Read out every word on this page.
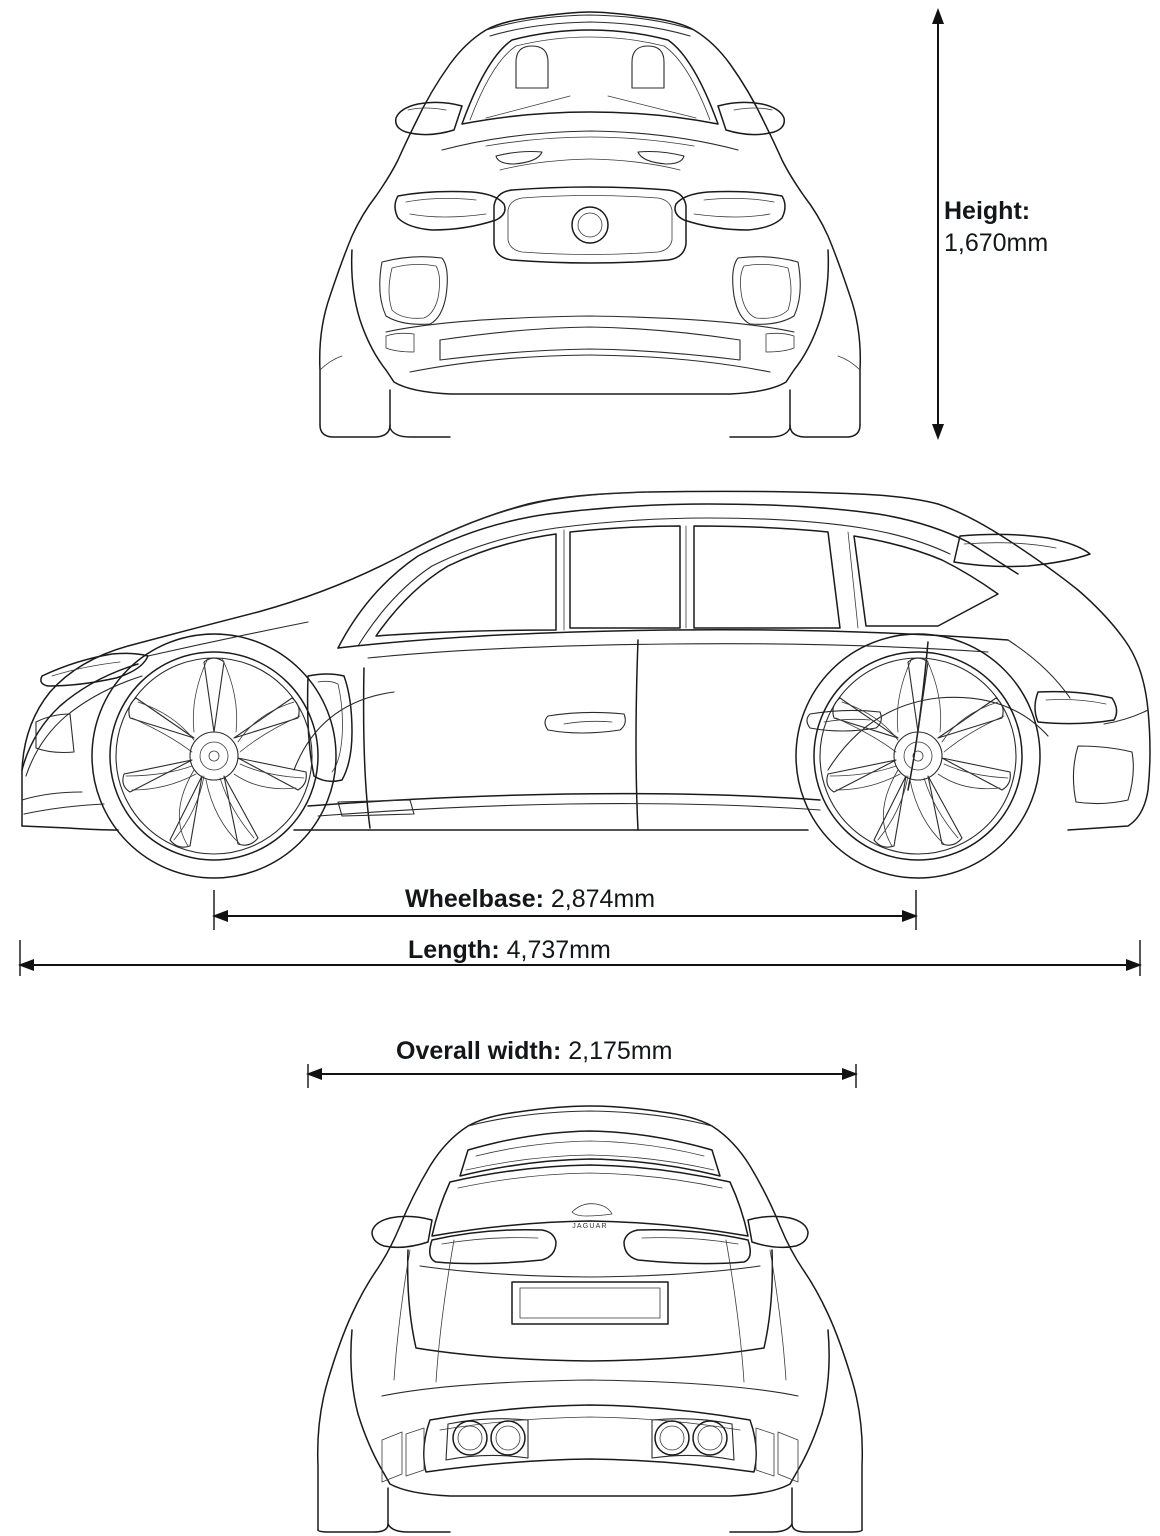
Height:
1,670mm
Wheelbase: 2,874mm
Length: 4,737mm
Overall width: 2,175mm
JAGUAR
